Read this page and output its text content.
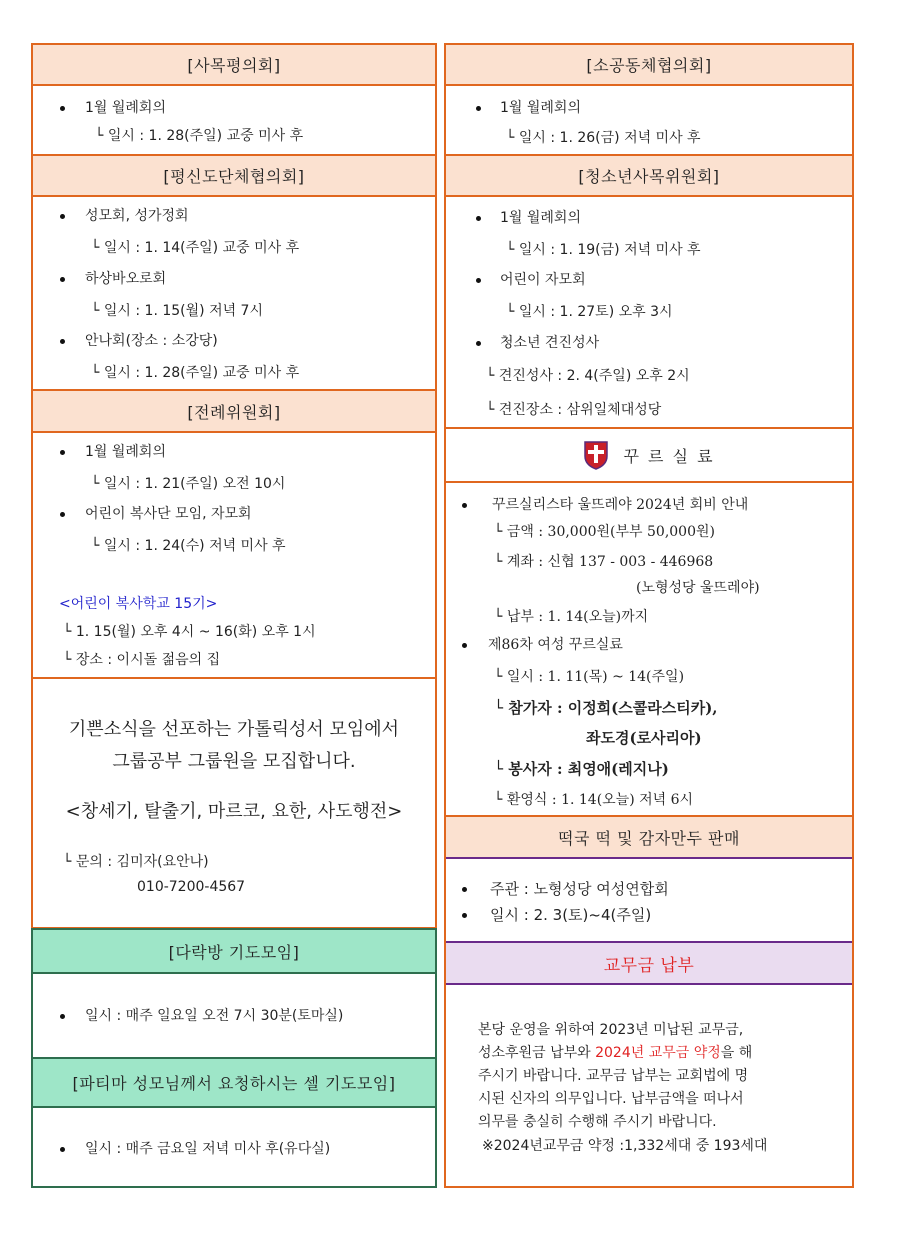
[사목평의회]
1월 월례회의
└ 일시 : 1. 28(주일) 교중 미사 후
[평신도단체협의회]
성모회, 성가정회
└ 일시 : 1. 14(주일) 교중 미사 후
하상바오로회
└ 일시 : 1. 15(월) 저녁 7시
안나회(장소 : 소강당)
└ 일시 : 1. 28(주일) 교중 미사 후
[전례위원회]
1월 월례회의
└ 일시 : 1. 21(주일) 오전 10시
어린이 복사단 모임, 자모회
└ 일시 : 1. 24(수) 저녁 미사 후
<어린이 복사학교 15기>
└ 1. 15(월) 오후 4시 ~ 16(화) 오후 1시
└ 장소 : 이시돌 젊음의 집
기쁜소식을 선포하는 가톨릭성서 모임에서
그룹공부 그룹원을 모집합니다.
<창세기, 탈출기, 마르코, 요한, 사도행전>
└ 문의 : 김미자(요안나)
010-7200-4567
[다락방 기도모임]
일시 : 매주 일요일 오전 7시 30분(토마실)
[파티마 성모님께서 요청하시는 셀 기도모임]
일시 : 매주 금요일 저녁 미사 후(유다실)
[소공동체협의회]
1월 월례회의
└ 일시 : 1. 26(금) 저녁 미사 후
[청소년사목위원회]
1월 월례회의
└ 일시 : 1. 19(금) 저녁 미사 후
어린이 자모회
└ 일시 : 1. 27토) 오후 3시
청소년 견진성사
└ 견진성사 : 2. 4(주일) 오후 2시
└ 견진장소 : 삼위일체대성당
꾸 르 실 료
꾸르실리스타 울뜨레야 2024년 회비 안내
└ 금액 : 30,000원(부부 50,000원)
└ 계좌 : 신협 137 - 003 - 446968
(노형성당 울뜨레야)
└ 납부 : 1. 14(오늘)까지
제86차 여성 꾸르실료
└ 일시 : 1. 11(목) ~ 14(주일)
└ 참가자 : 이정희(스콜라스티카),
좌도경(로사리아)
└ 봉사자 : 최영애(레지나)
└ 환영식 : 1. 14(오늘) 저녁 6시
떡국 떡 및 감자만두 판매
주관 : 노형성당 여성연합회
일시 : 2. 3(토)~4(주일)
교무금 납부
본당 운영을 위하여 2023년 미납된 교무금,
성소후원금 납부와 2024년 교무금 약정을 해
주시기 바랍니다. 교무금 납부는 교회법에 명
시된 신자의 의무입니다. 납부금액을 떠나서
의무를 충실히 수행해 주시기 바랍니다.
※2024년교무금 약정 :1,332세대 중 193세대
